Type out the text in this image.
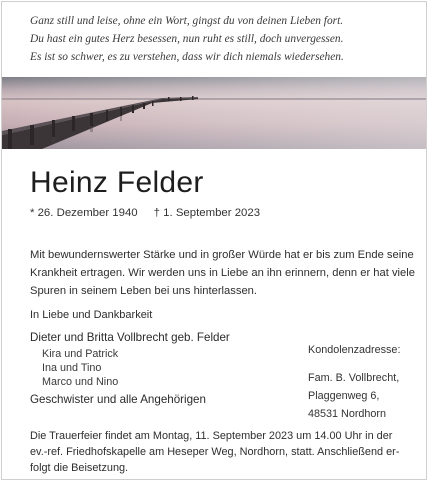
Ganz still und leise, ohne ein Wort, gingst du von deinen Lieben fort.
Du hast ein gutes Herz besessen, nun ruht es still, doch unvergessen.
Es ist so schwer, es zu verstehen, dass wir dich niemals wiedersehen.
Heinz Felder
* 26. Dezember 1940 † 1. September 2023
Mit bewundernswerter Stärke und in großer Würde hat er bis zum Ende seine
Krankheit ertragen. Wir werden uns in Liebe an ihn erinnern, denn er hat viele
Spuren in seinem Leben bei uns hinterlassen.
In Liebe und Dankbarkeit
Dieter und Britta Vollbrecht geb. Felder
Kira und Patrick
Ina und Tino
Marco und Nino
Geschwister und alle Angehörigen
Kondolenzadresse:
Fam. B. Vollbrecht,
Plaggenweg 6,
48531 Nordhorn
Die Trauerfeier findet am Montag, 11. September 2023 um 14.00 Uhr in der
ev.-ref. Friedhofskapelle am Heseper Weg, Nordhorn, statt. Anschließend er-
folgt die Beisetzung.
